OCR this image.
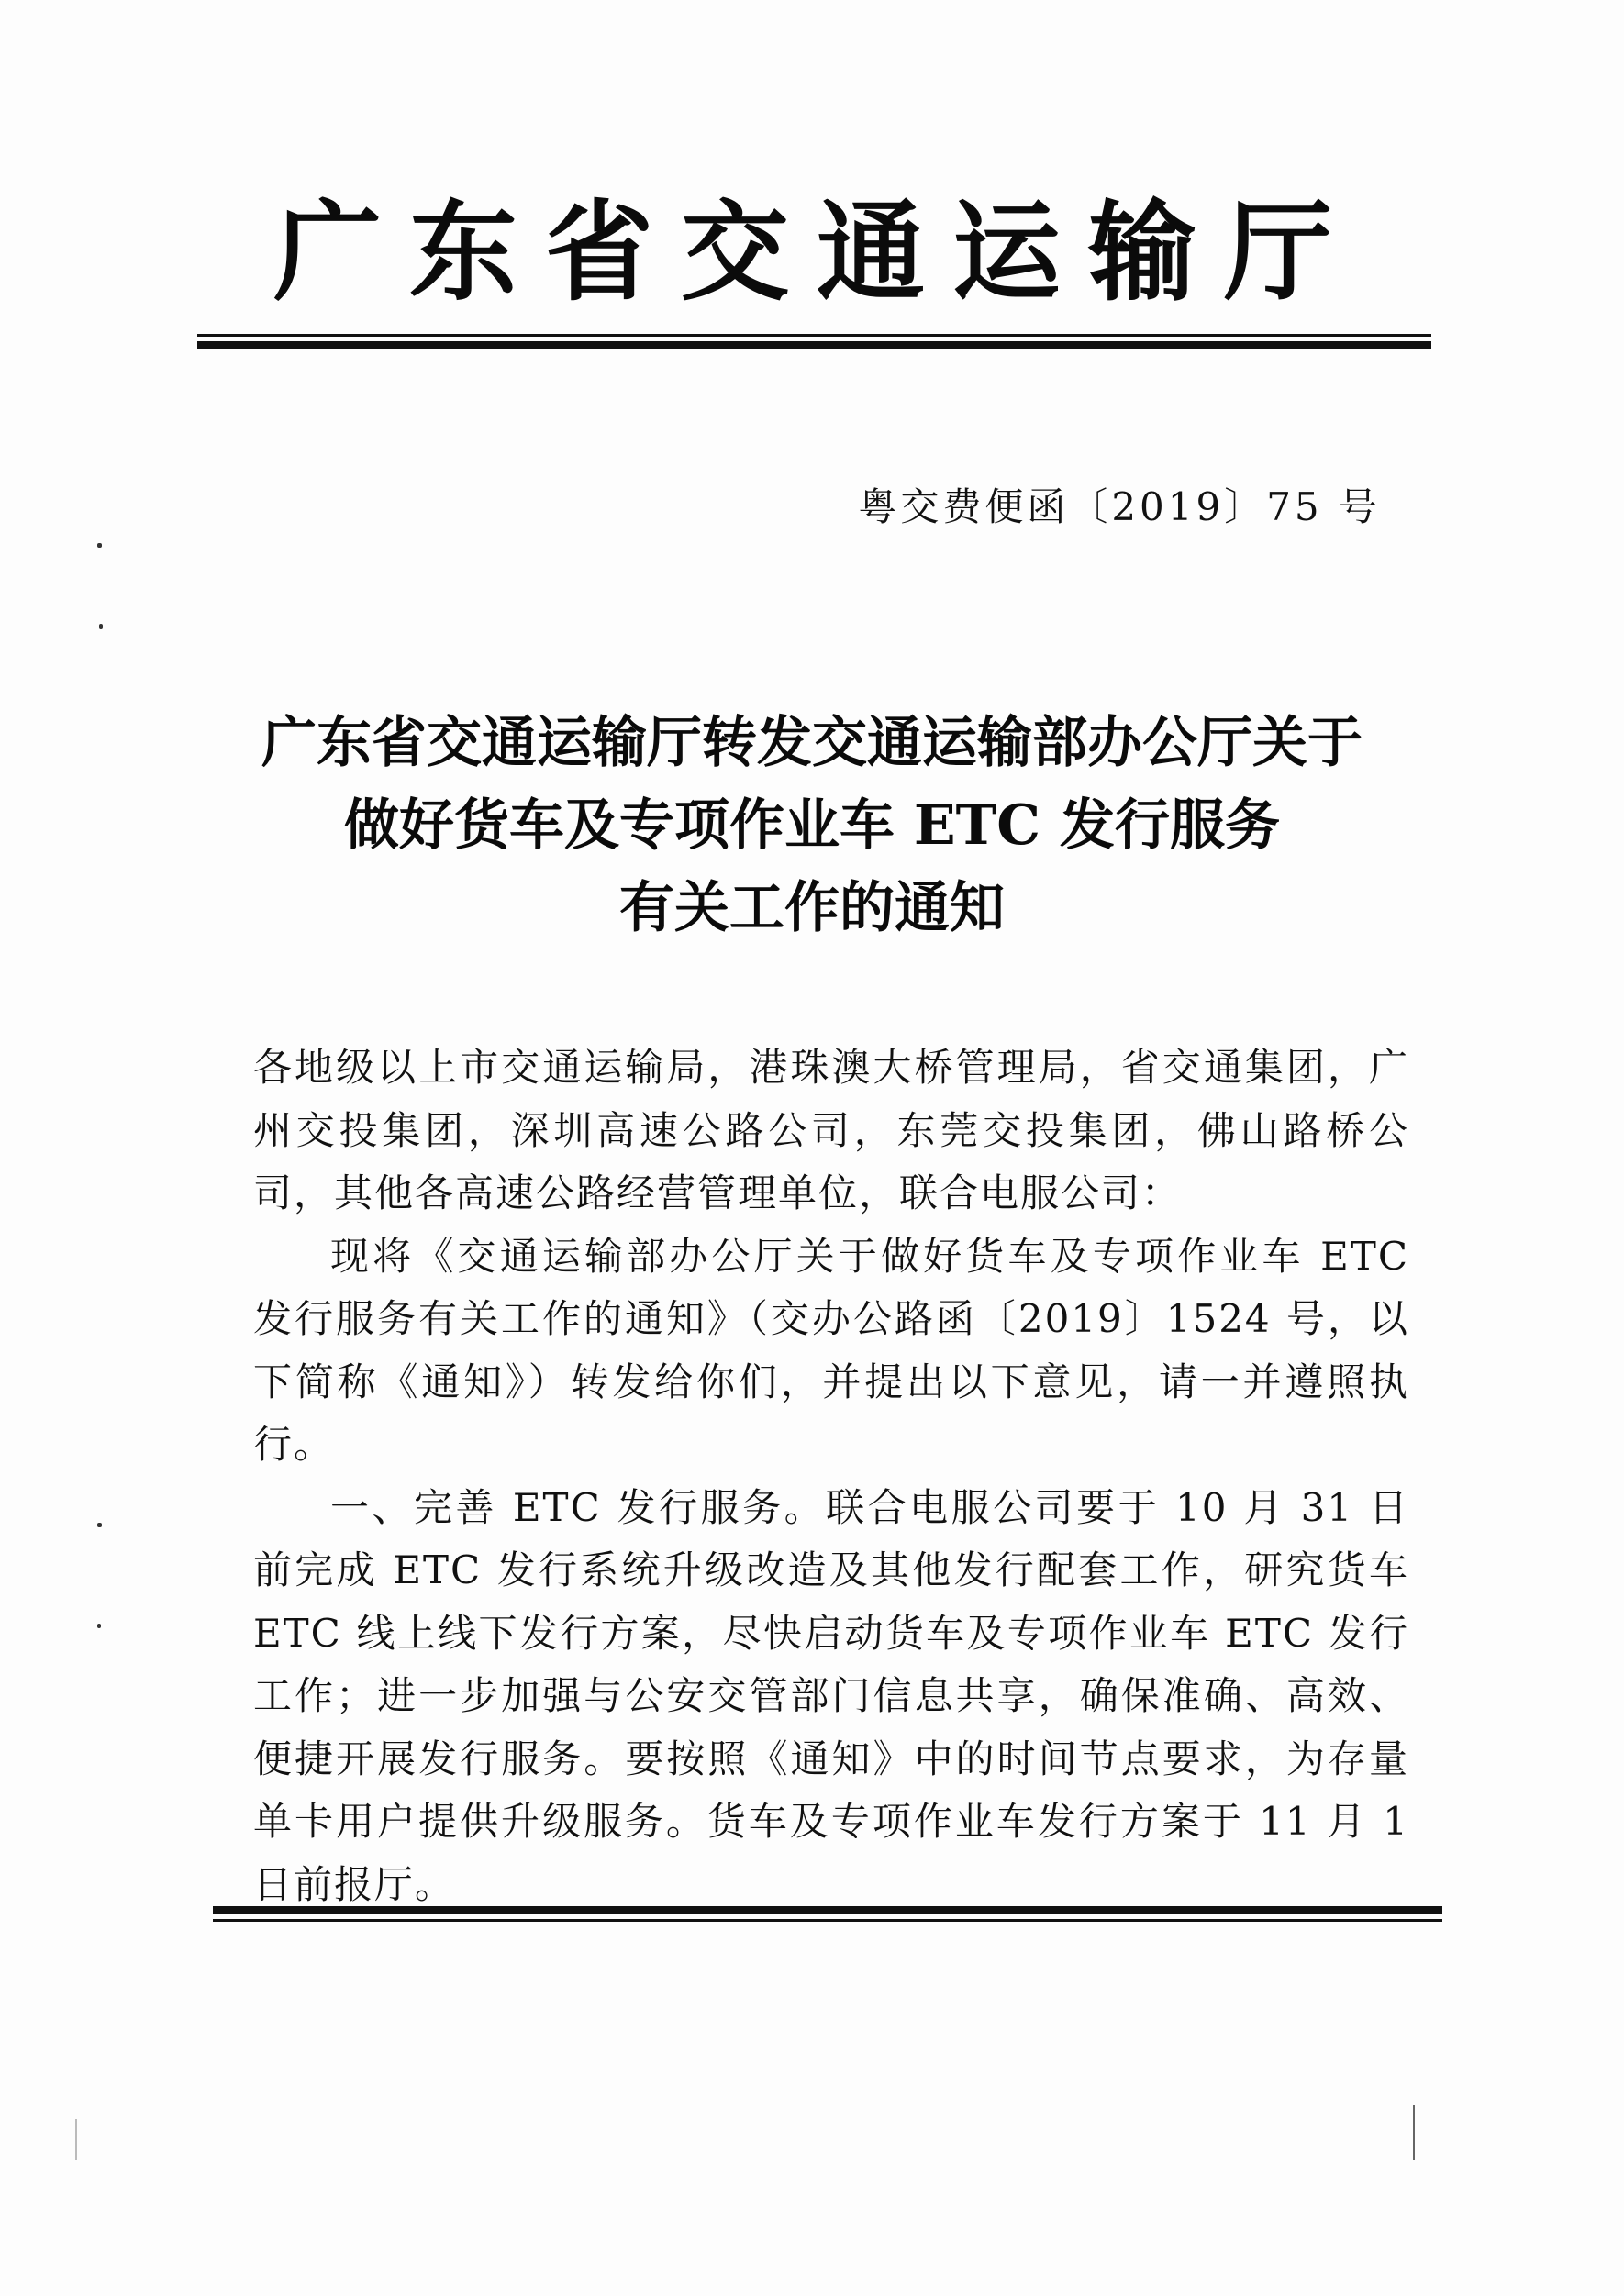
广东省交通运输厅
粤交费便函〔2019〕75 号
广东省交通运输厅转发交通运输部办公厅关于
做好货车及专项作业车 ETC 发行服务
有关工作的通知

各地级以上市交通运输局，港珠澳大桥管理局，省交通集团，广州交投集团，深圳高速公路公司，东莞交投集团，佛山路桥公司，其他各高速公路经营管理单位，联合电服公司：

现将《交通运输部办公厅关于做好货车及专项作业车 ETC 发行服务有关工作的通知》（交办公路函〔2019〕1524 号，以下简称《通知》）转发给你们，并提出以下意见，请一并遵照执行。

一、完善 ETC 发行服务。联合电服公司要于 10 月 31 日前完成 ETC 发行系统升级改造及其他发行配套工作，研究货车 ETC 线上线下发行方案，尽快启动货车及专项作业车 ETC 发行工作；进一步加强与公安交管部门信息共享，确保准确、高效、便捷开展发行服务。要按照《通知》中的时间节点要求，为存量单卡用户提供升级服务。货车及专项作业车发行方案于 11 月 1 日前报厅。
